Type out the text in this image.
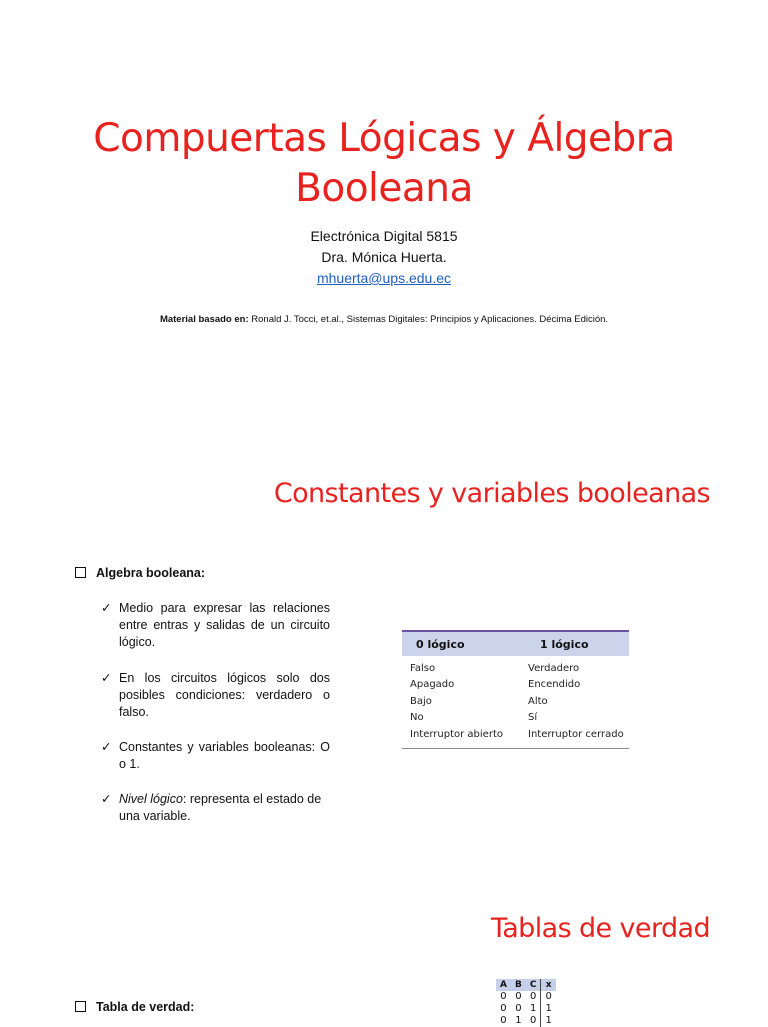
Compuertas Lógicas y Álgebra
Booleana
Electrónica Digital 5815
Dra. Mónica Huerta.
mhuerta@ups.edu.ec
Material basado en: Ronald J. Tocci, et.al., Sistemas Digitales: Principios y Aplicaciones. Décima Edición.
Constantes y variables booleanas
Algebra booleana:
✓ Medio para expresar las relaciones entre entras y salidas de un circuito lógico.
✓ En los circuitos lógicos solo dos posibles condiciones: verdadero o falso.
✓ Constantes y variables booleanas: O o 1.
✓ Nivel lógico: representa el estado de una variable.
0 lógico	1 lógico
Falso	Verdadero
Apagado	Encendido
Bajo	Alto
No	Sí
Interruptor abierto	Interruptor cerrado
Tablas de verdad
Tabla de verdad:
A	B	C	x
0	0	0	0
0	0	1	1
0	1	0	1
